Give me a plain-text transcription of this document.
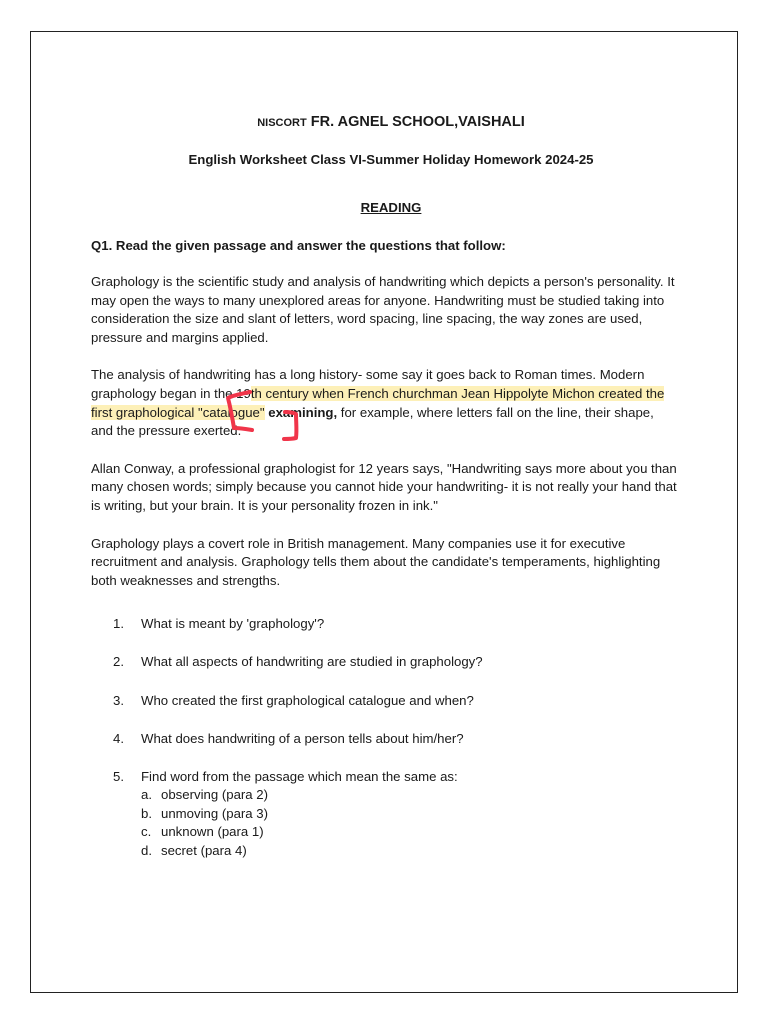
NISCORT FR. AGNEL SCHOOL,VAISHALI

English Worksheet Class VI-Summer Holiday Homework 2024-25

READING

Q1. Read the given passage and answer the questions that follow:

Graphology is the scientific study and analysis of handwriting which depicts a person's personality. It may open the ways to many unexplored areas for anyone. Handwriting must be studied taking into consideration the size and slant of letters, word spacing, line spacing, the way zones are used, pressure and margins applied.

The analysis of handwriting has a long history- some say it goes back to Roman times. Modern graphology began in the 19th century when French churchman Jean Hippolyte Michon created the first graphological "catalogue" examining, for example, where letters fall on the line, their shape, and the pressure exerted.

Allan Conway, a professional graphologist for 12 years says, "Handwriting says more about you than many chosen words; simply because you cannot hide your handwriting- it is not really your hand that is writing, but your brain. It is your personality frozen in ink."

Graphology plays a covert role in British management. Many companies use it for executive recruitment and analysis. Graphology tells them about the candidate's temperaments, highlighting both weaknesses and strengths.

1. What is meant by 'graphology'?
2. What all aspects of handwriting are studied in graphology?
3. Who created the first graphological catalogue and when?
4. What does handwriting of a person tells about him/her?
5. Find word from the passage which mean the same as:
a. observing (para 2)
b. unmoving (para 3)
c. unknown (para 1)
d. secret (para 4)
